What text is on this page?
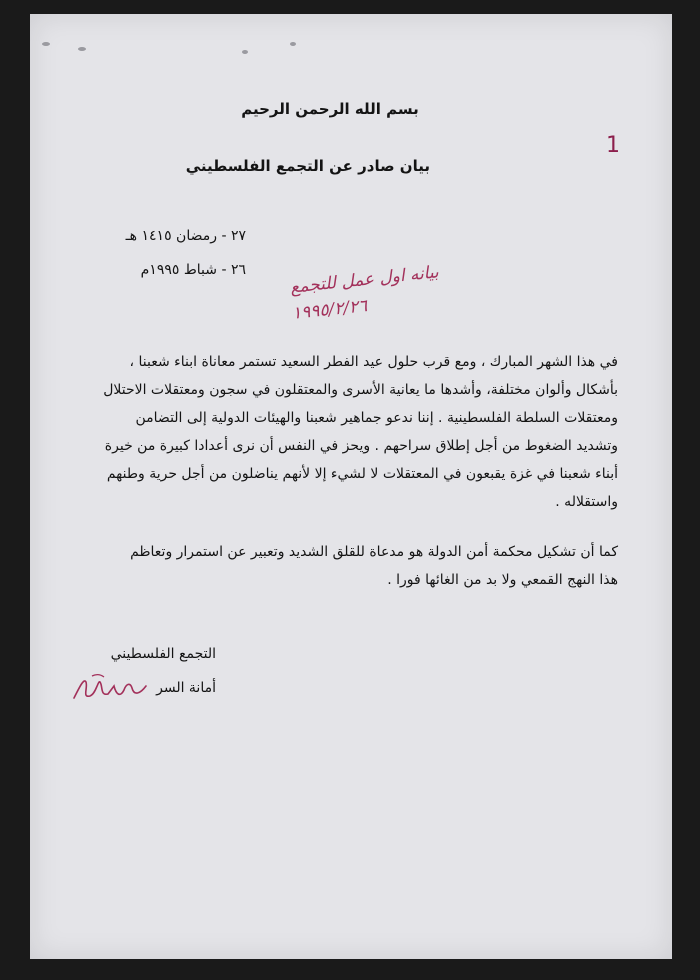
بسم الله الرحمن الرحيم
1
بيان صادر عن التجمع الفلسطيني
٢٧ - رمضان ١٤١٥ هـ
٢٦ - شباط ١٩٩٥م	بيانه اول عمل للتجمع
١٩٩٥/٢/٢٦
في هذا الشهر المبارك ، ومع قرب حلول عيد الفطر السعيد تستمر معاناة ابناء شعبنا ،
بأشكال وألوان مختلفة، وأشدها ما يعانية الأسرى والمعتقلون في سجون ومعتقلات الاحتلال
ومعتقلات السلطة الفلسطينية . إننا ندعو جماهير شعبنا والهيئات الدولية إلى التضامن
وتشديد الضغوط من أجل إطلاق سراحهم . ويحز في النفس أن نرى أعدادا كبيرة من خيرة
أبناء شعبنا في غزة يقبعون في المعتقلات لا لشيء إلا لأنهم يناضلون من أجل حرية وطنهم
واستقلاله .
كما أن تشكيل محكمة أمن الدولة هو مدعاة للقلق الشديد وتعبير عن استمرار وتعاظم
هذا النهج القمعي ولا بد من الغائها فورا .
التجمع الفلسطيني
أمانة السر
